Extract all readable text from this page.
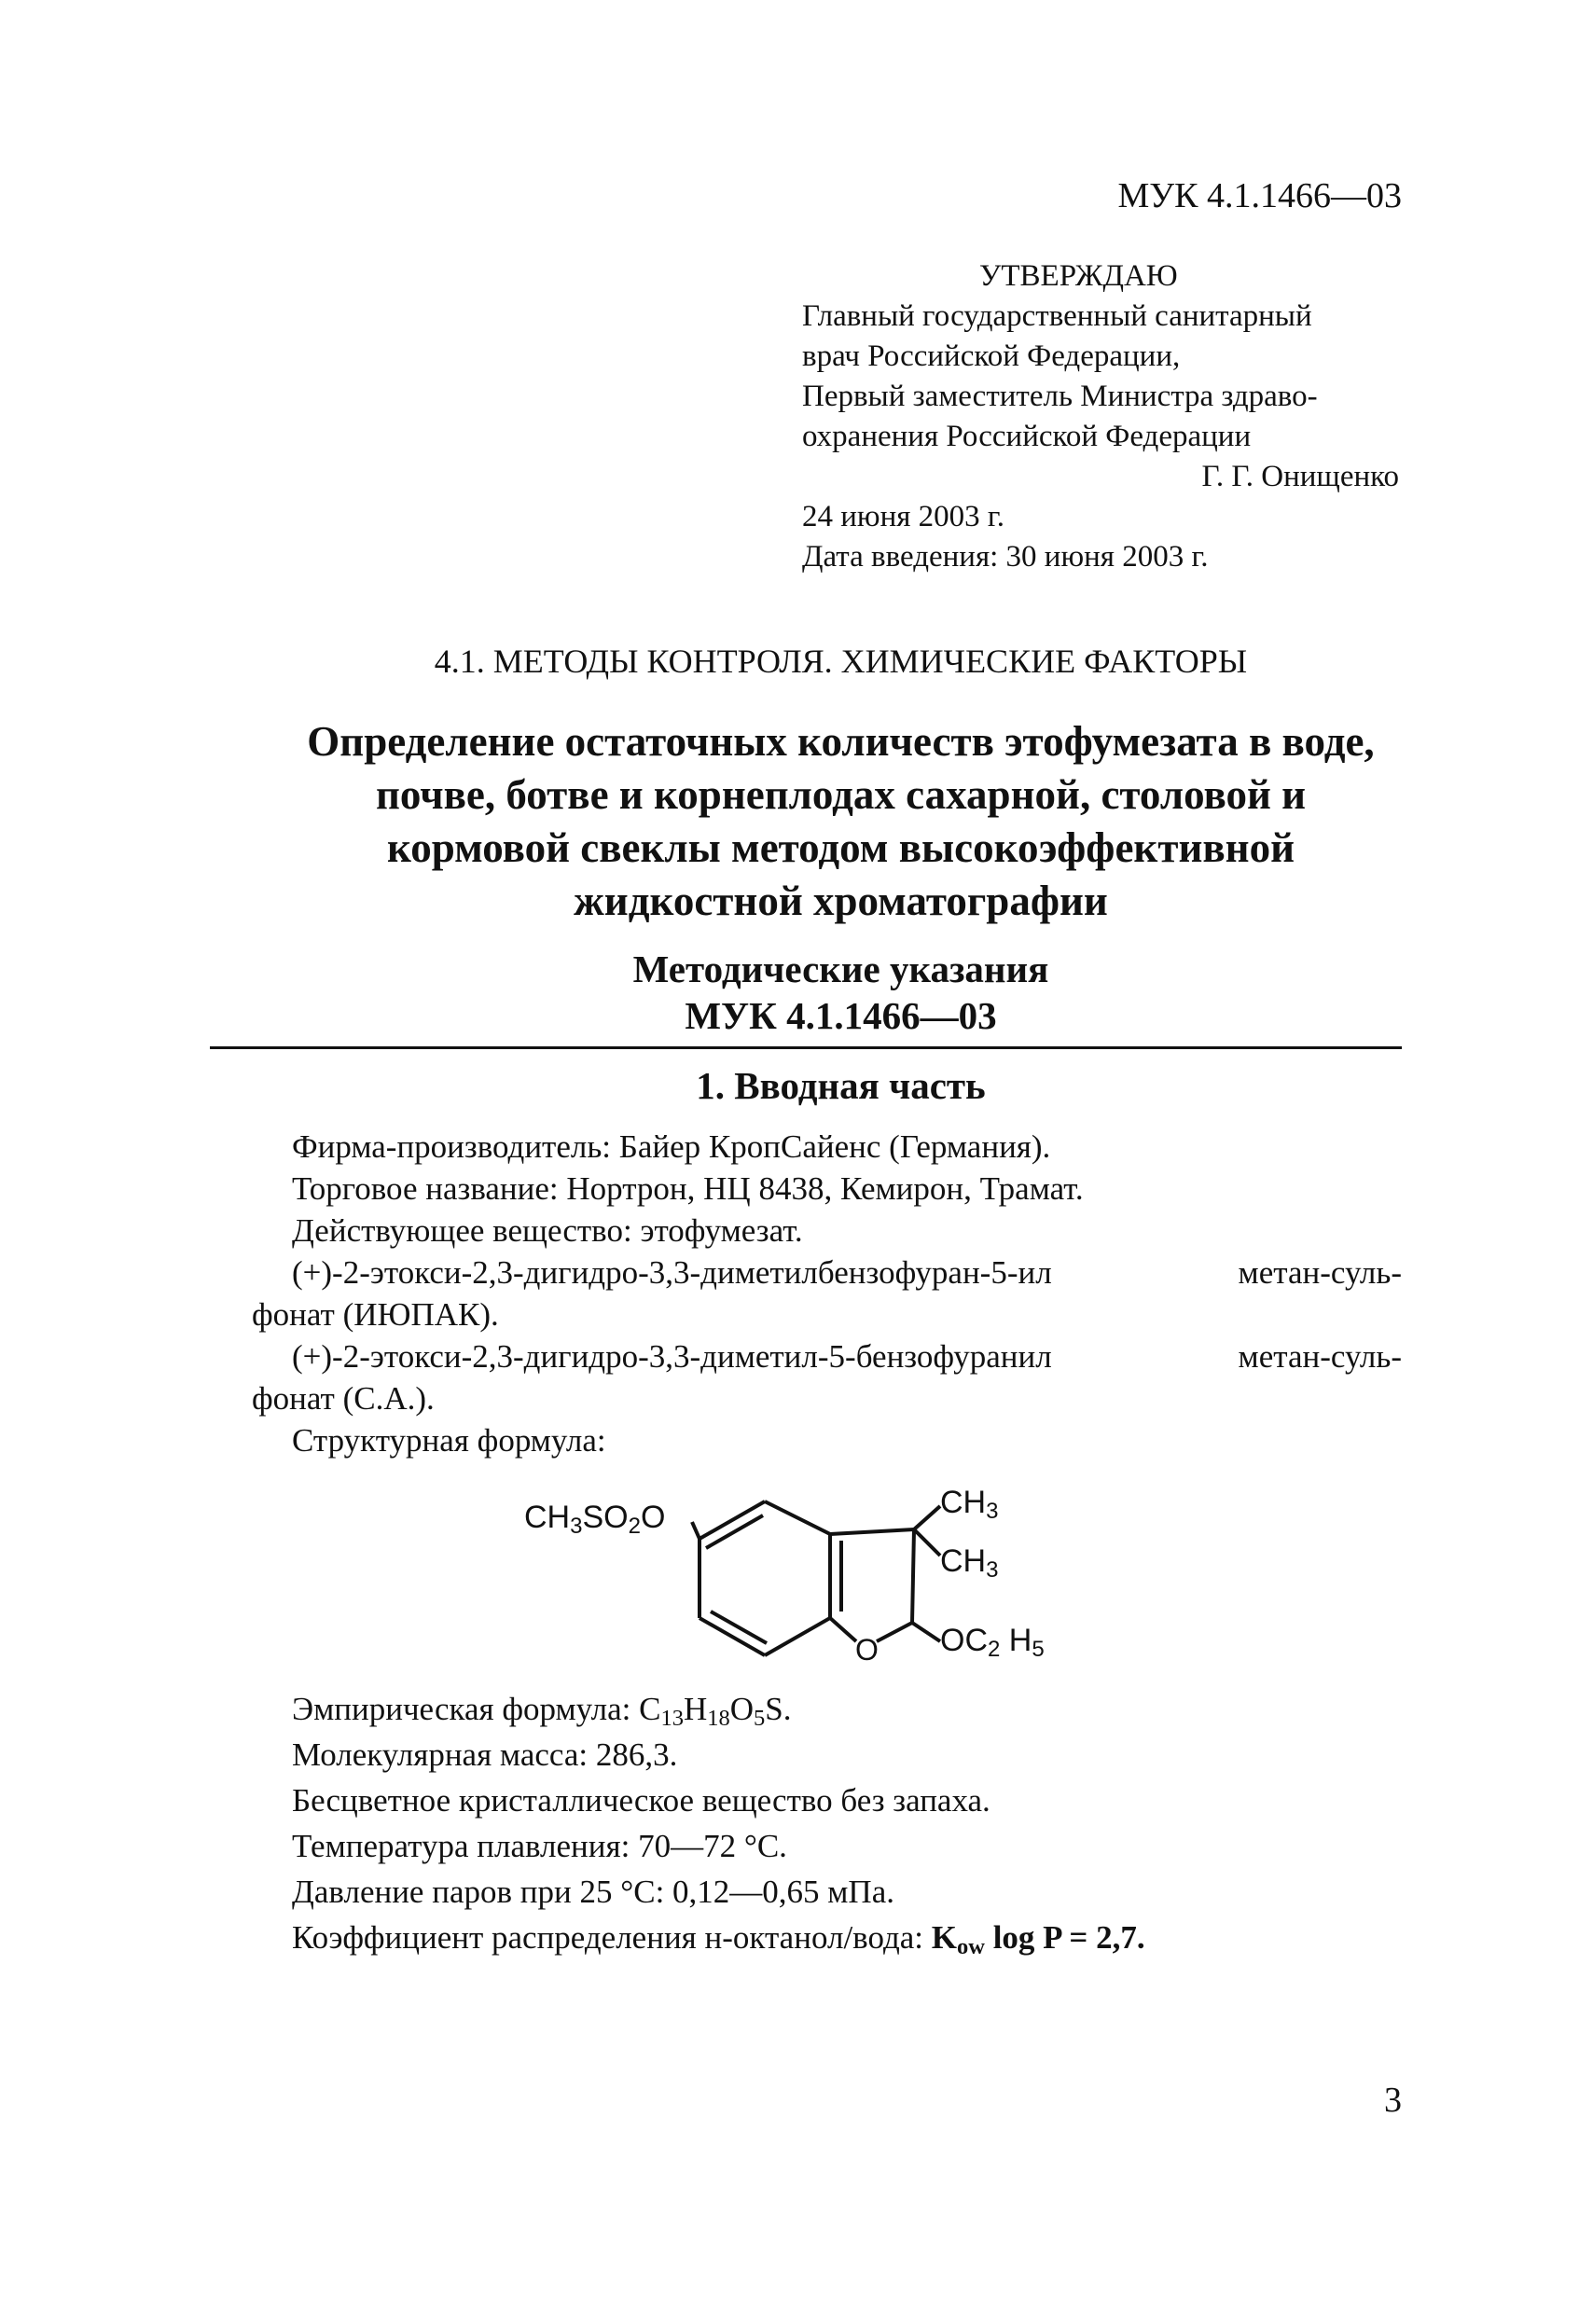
МУК 4.1.1466—03
УТВЕРЖДАЮ
Главный государственный санитарный
врач Российской Федерации,
Первый заместитель Министра здраво-
охранения Российской Федерации
Г. Г. Онищенко
24 июня 2003 г.
Дата введения: 30 июня 2003 г.
4.1. МЕТОДЫ КОНТРОЛЯ. ХИМИЧЕСКИЕ ФАКТОРЫ
Определение остаточных количеств этофумезата в воде,
почве, ботве и корнеплодах сахарной, столовой и
кормовой свеклы методом высокоэффективной
жидкостной хроматографии
Методические указания
МУК 4.1.1466—03
1. Вводная часть

Фирма-производитель: Байер КропСайенс (Германия).

Торговое название: Нортрон, НЦ 8438, Кемирон, Трамат.

Действующее вещество: этофумезат.

(+)-2-этокси-2,3-дигидро-3,3-диметилбензофуран-5-ил метан-суль-

фонат (ИЮПАК).

(+)-2-этокси-2,3-дигидро-3,3-диметил-5-бензофуранил метан-суль-

фонат (С.А.).

Структурная формула:

CH3SO2O	CH3
CH3
O OC2 H5

Эмпирическая формула: $C_{13}H_{18}O_5S$.

Молекулярная масса: 286,3.

Бесцветное кристаллическое вещество без запаха.

Температура плавления: 70—72 °C.

Давление паров при 25 °C: 0,12—0,65 мПа.

Коэффициент распределения н-октанол/вода: $K_{ow}$ log P = 2,7.

3
